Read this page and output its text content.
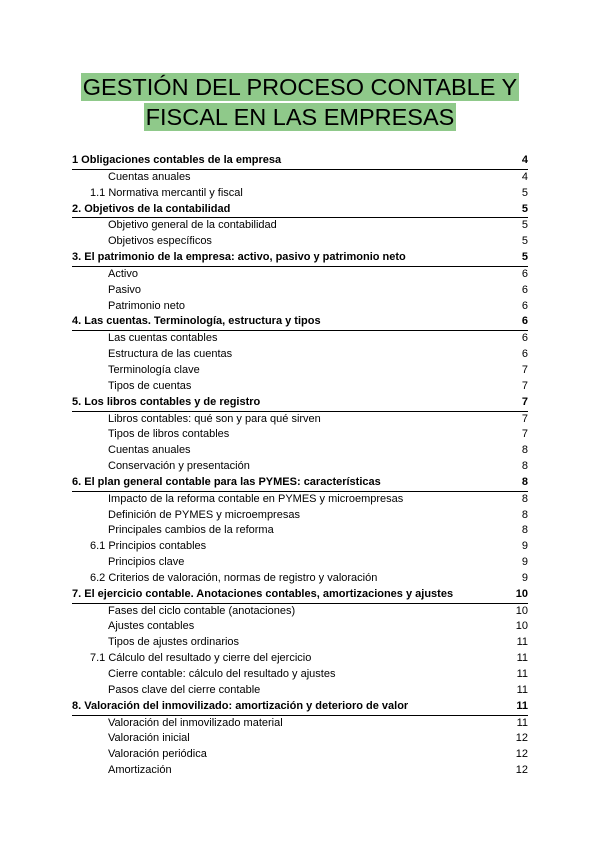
GESTIÓN DEL PROCESO CONTABLE Y
FISCAL EN LAS EMPRESAS
1 Obligaciones contables de la empresa	4
Cuentas anuales	4
1.1 Normativa mercantil y fiscal	5
2. Objetivos de la contabilidad	5
Objetivo general de la contabilidad	5
Objetivos específicos	5
3. El patrimonio de la empresa: activo, pasivo y patrimonio neto	5
Activo	6
Pasivo	6
Patrimonio neto	6
4. Las cuentas. Terminología, estructura y tipos	6
Las cuentas contables	6
Estructura de las cuentas	6
Terminología clave	7
Tipos de cuentas	7
5. Los libros contables y de registro	7
Libros contables: qué son y para qué sirven	7
Tipos de libros contables	7
Cuentas anuales	8
Conservación y presentación	8
6. El plan general contable para las PYMES: características	8
Impacto de la reforma contable en PYMES y microempresas	8
Definición de PYMES y microempresas	8
Principales cambios de la reforma	8
6.1 Principios contables	9
Principios clave	9
6.2 Criterios de valoración, normas de registro y valoración	9
7. El ejercicio contable. Anotaciones contables, amortizaciones y ajustes	10
Fases del ciclo contable (anotaciones)	10
Ajustes contables	10
Tipos de ajustes ordinarios	11
7.1 Cálculo del resultado y cierre del ejercicio	11
Cierre contable: cálculo del resultado y ajustes	11
Pasos clave del cierre contable	11
8. Valoración del inmovilizado: amortización y deterioro de valor	11
Valoración del inmovilizado material	11
Valoración inicial	12
Valoración periódica	12
Amortización	12
